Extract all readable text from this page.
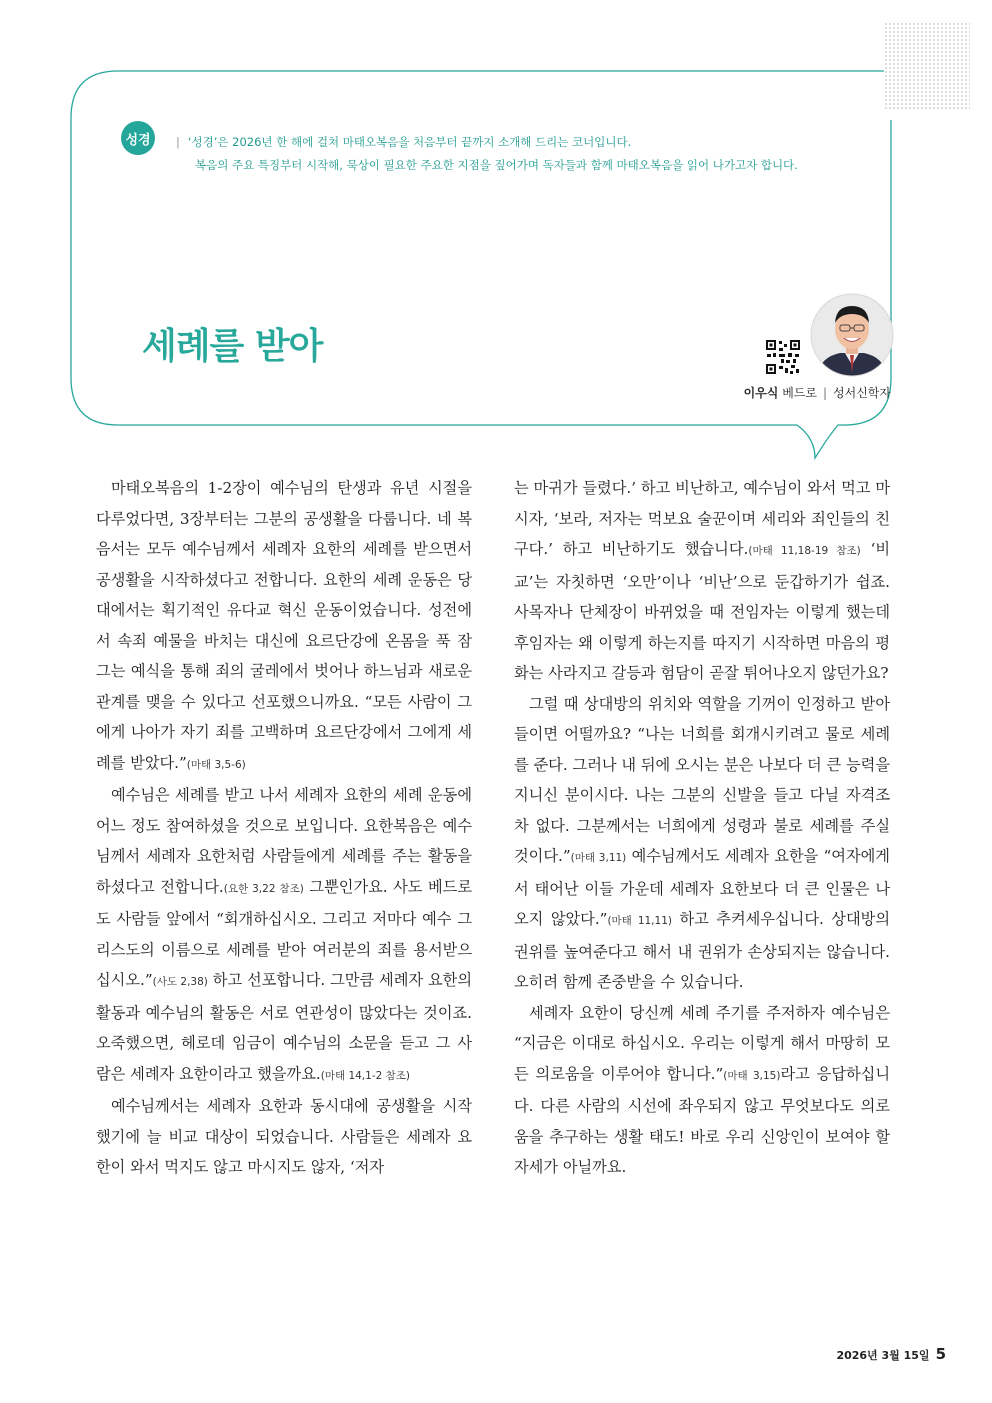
성경	| ‘성경’은 2026년 한 해에 걸쳐 마태오복음을 처음부터 끝까지 소개해 드리는 코너입니다.
복음의 주요 특징부터 시작해, 묵상이 필요한 주요한 지점을 짚어가며 독자들과 함께 마태오복음을 읽어 나가고자 합니다.
세례를 받아
이우식 베드로 | 성서신학자

마태오복음의 1-2장이 예수님의 탄생과 유년 시절을 다루었다면, 3장부터는 그분의 공생활을 다룹니다. 네 복음서는 모두 예수님께서 세례자 요한의 세례를 받으면서 공생활을 시작하셨다고 전합니다. 요한의 세례 운동은 당대에서는 획기적인 유다교 혁신 운동이었습니다. 성전에서 속죄 예물을 바치는 대신에 요르단강에 온몸을 푹 잠그는 예식을 통해 죄의 굴레에서 벗어나 하느님과 새로운 관계를 맺을 수 있다고 선포했으니까요. “모든 사람이 그에게 나아가 자기 죄를 고백하며 요르단강에서 그에게 세례를 받았다.”(마태 3,5-6)

예수님은 세례를 받고 나서 세례자 요한의 세례 운동에 어느 정도 참여하셨을 것으로 보입니다. 요한복음은 예수님께서 세례자 요한처럼 사람들에게 세례를 주는 활동을 하셨다고 전합니다.(요한 3,22 참조) 그뿐인가요. 사도 베드로도 사람들 앞에서 “회개하십시오. 그리고 저마다 예수 그리스도의 이름으로 세례를 받아 여러분의 죄를 용서받으십시오.”(사도 2,38) 하고 선포합니다. 그만큼 세례자 요한의 활동과 예수님의 활동은 서로 연관성이 많았다는 것이죠. 오죽했으면, 헤로데 임금이 예수님의 소문을 듣고 그 사람은 세례자 요한이라고 했을까요.(마태 14,1-2 참조)

예수님께서는 세례자 요한과 동시대에 공생활을 시작했기에 늘 비교 대상이 되었습니다. 사람들은 세례자 요한이 와서 먹지도 않고 마시지도 않자, ‘저자

는 마귀가 들렸다.’ 하고 비난하고, 예수님이 와서 먹고 마시자, ‘보라, 저자는 먹보요 술꾼이며 세리와 죄인들의 친구다.’ 하고 비난하기도 했습니다.(마태 11,18-19 참조) ‘비교’는 자칫하면 ‘오만’이나 ‘비난’으로 둔갑하기가 쉽죠. 사목자나 단체장이 바뀌었을 때 전임자는 이렇게 했는데 후임자는 왜 이렇게 하는지를 따지기 시작하면 마음의 평화는 사라지고 갈등과 험담이 곧잘 튀어나오지 않던가요?

그럴 때 상대방의 위치와 역할을 기꺼이 인정하고 받아들이면 어떨까요? “나는 너희를 회개시키려고 물로 세례를 준다. 그러나 내 뒤에 오시는 분은 나보다 더 큰 능력을 지니신 분이시다. 나는 그분의 신발을 들고 다닐 자격조차 없다. 그분께서는 너희에게 성령과 불로 세례를 주실 것이다.”(마태 3,11) 예수님께서도 세례자 요한을 “여자에게서 태어난 이들 가운데 세례자 요한보다 더 큰 인물은 나오지 않았다.”(마태 11,11) 하고 추켜세우십니다. 상대방의 권위를 높여준다고 해서 내 권위가 손상되지는 않습니다. 오히려 함께 존중받을 수 있습니다.

세례자 요한이 당신께 세례 주기를 주저하자 예수님은 “지금은 이대로 하십시오. 우리는 이렇게 해서 마땅히 모든 의로움을 이루어야 합니다.”(마태 3,15)라고 응답하십니다. 다른 사람의 시선에 좌우되지 않고 무엇보다도 의로움을 추구하는 생활 태도! 바로 우리 신앙인이 보여야 할 자세가 아닐까요.

2026년 3월 15일 5
